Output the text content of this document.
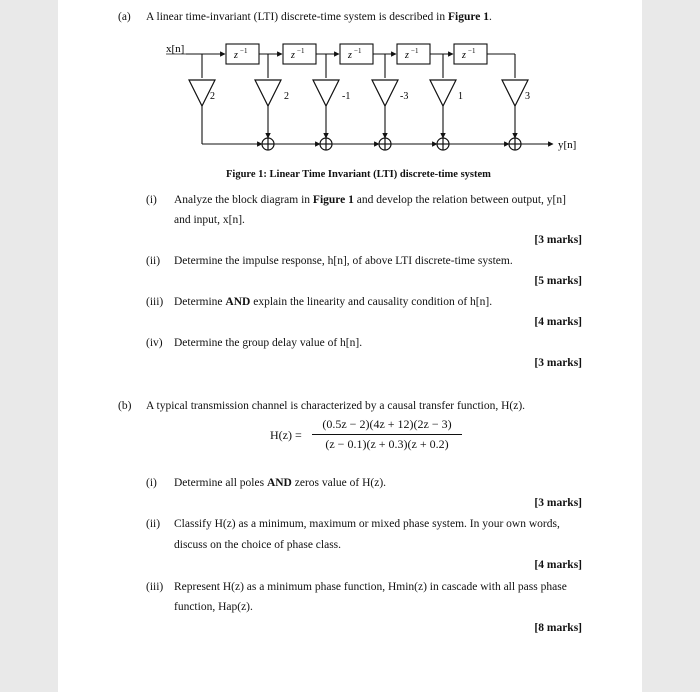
(a) A linear time-invariant (LTI) discrete-time system is described in Figure 1.
x[n]
z −1	z −1	z −1	z −1	z −1
2	2	-1	-3	1	3
y[n]
Figure 1: Linear Time Invariant (LTI) discrete-time system
(i) Analyze the block diagram in Figure 1 and develop the relation between output, y[n]
and input, x[n].
[3 marks]
(ii) Determine the impulse response, h[n], of above LTI discrete-time system.
[5 marks]
(iii) Determine AND explain the linearity and causality condition of h[n].
[4 marks]
(iv) Determine the group delay value of h[n].
[3 marks]
(b) A typical transmission channel is characterized by a causal transfer function, H(z).
H(z) =
(0.5z − 2)(4z + 12)(2z − 3)
(z − 0.1)(z + 0.3)(z + 0.2)
(i) Determine all poles AND zeros value of H(z).
[3 marks]
(ii) Classify H(z) as a minimum, maximum or mixed phase system. In your own words,
discuss on the choice of phase class.
[4 marks]
(iii) Represent H(z) as a minimum phase function, Hmin(z) in cascade with all pass phase
function, Hap(z).
[8 marks]
